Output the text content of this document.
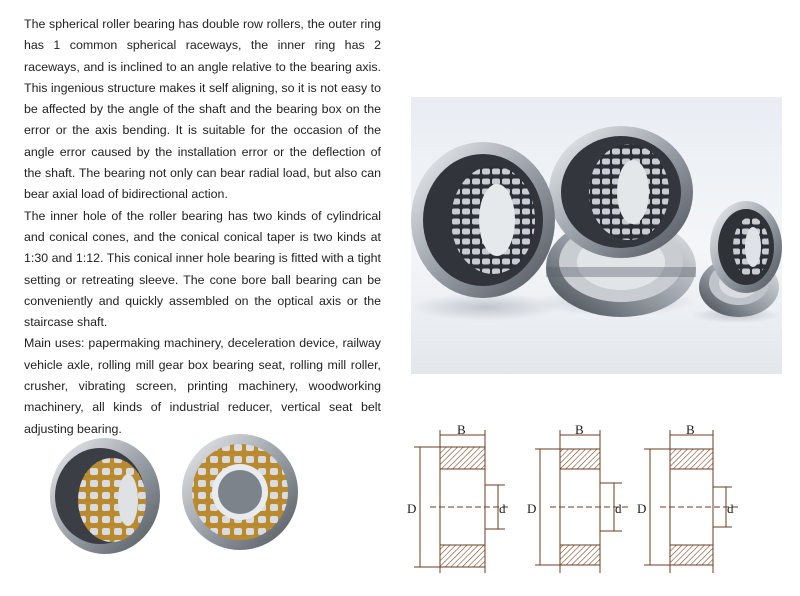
The spherical roller bearing has double row rollers, the outer ring has 1 common spherical raceways, the inner ring has 2 raceways, and is inclined to an angle relative to the bearing axis. This ingenious structure makes it self aligning, so it is not easy to be affected by the angle of the shaft and the bearing box on the error or the axis bending. It is suitable for the occasion of the angle error caused by the installation error or the deflection of the shaft. The bearing not only can bear radial load, but also can bear axial load of bidirectional action.

The inner hole of the roller bearing has two kinds of cylindrical and conical cones, and the conical conical taper is two kinds at 1:30 and 1:12. This conical inner hole bearing is fitted with a tight setting or retreating sleeve. The cone bore ball bearing can be conveniently and quickly assembled on the optical axis or the staircase shaft.

Main uses: papermaking machinery, deceleration device, railway vehicle axle, rolling mill gear box bearing seat, rolling mill roller, crusher, vibrating screen, printing machinery, woodworking machinery, all kinds of industrial reducer, vertical seat belt adjusting bearing.	B
D	d
B
D	d
B
D	d
